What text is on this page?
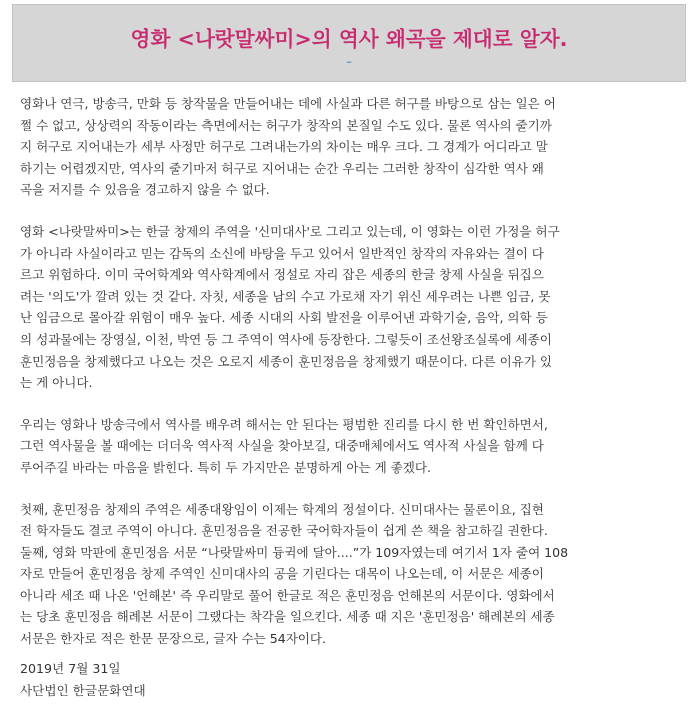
영화 <나랏말싸미>의 역사 왜곡을 제대로 알자.
–

영화나 연극, 방송극, 만화 등 창작물을 만들어내는 데에 사실과 다른 허구를 바탕으로 삼는 일은 어
쩔 수 없고, 상상력의 작동이라는 측면에서는 허구가 창작의 본질일 수도 있다. 물론 역사의 줄기까
지 허구로 지어내는가 세부 사정만 허구로 그려내는가의 차이는 매우 크다. 그 경계가 어디라고 말
하기는 어렵겠지만, 역사의 줄기마저 허구로 지어내는 순간 우리는 그러한 창작이 심각한 역사 왜
곡을 저지를 수 있음을 경고하지 않을 수 없다.

영화 <나랏말싸미>는 한글 창제의 주역을 '신미대사'로 그리고 있는데, 이 영화는 이런 가정을 허구
가 아니라 사실이라고 믿는 감독의 소신에 바탕을 두고 있어서 일반적인 창작의 자유와는 결이 다
르고 위험하다. 이미 국어학계와 역사학계에서 정설로 자리 잡은 세종의 한글 창제 사실을 뒤집으
려는 '의도'가 깔려 있는 것 같다. 자칫, 세종을 남의 수고 가로채 자기 위신 세우려는 나쁜 임금, 못
난 임금으로 몰아갈 위험이 매우 높다. 세종 시대의 사회 발전을 이루어낸 과학기술, 음악, 의학 등
의 성과물에는 장영실, 이천, 박연 등 그 주역이 역사에 등장한다. 그렇듯이 조선왕조실록에 세종이
훈민정음을 창제했다고 나오는 것은 오로지 세종이 훈민정음을 창제했기 때문이다. 다른 이유가 있
는 게 아니다.

우리는 영화나 방송극에서 역사를 배우려 해서는 안 된다는 평범한 진리를 다시 한 번 확인하면서,
그런 역사물을 볼 때에는 더더욱 역사적 사실을 찾아보길, 대중매체에서도 역사적 사실을 함께 다
루어주길 바라는 마음을 밝힌다. 특히 두 가지만은 분명하게 아는 게 좋겠다.

첫째, 훈민정음 창제의 주역은 세종대왕임이 이제는 학계의 정설이다. 신미대사는 물론이요, 집현
전 학자들도 결코 주역이 아니다. 훈민정음을 전공한 국어학자들이 쉽게 쓴 책을 참고하길 권한다.
둘째, 영화 막판에 훈민정음 서문 “나랏말싸미 듕귁에 달아....”가 109자였는데 여기서 1자 줄여 108
자로 만들어 훈민정음 창제 주역인 신미대사의 공을 기린다는 대목이 나오는데, 이 서문은 세종이
아니라 세조 때 나온 '언해본' 즉 우리말로 풀어 한글로 적은 훈민정음 언해본의 서문이다. 영화에서
는 당초 훈민정음 해례본 서문이 그랬다는 착각을 일으킨다. 세종 때 지은 '훈민정음' 해례본의 세종
서문은 한자로 적은 한문 문장으로, 글자 수는 54자이다.

2019년 7월 31일
사단법인 한글문화연대
